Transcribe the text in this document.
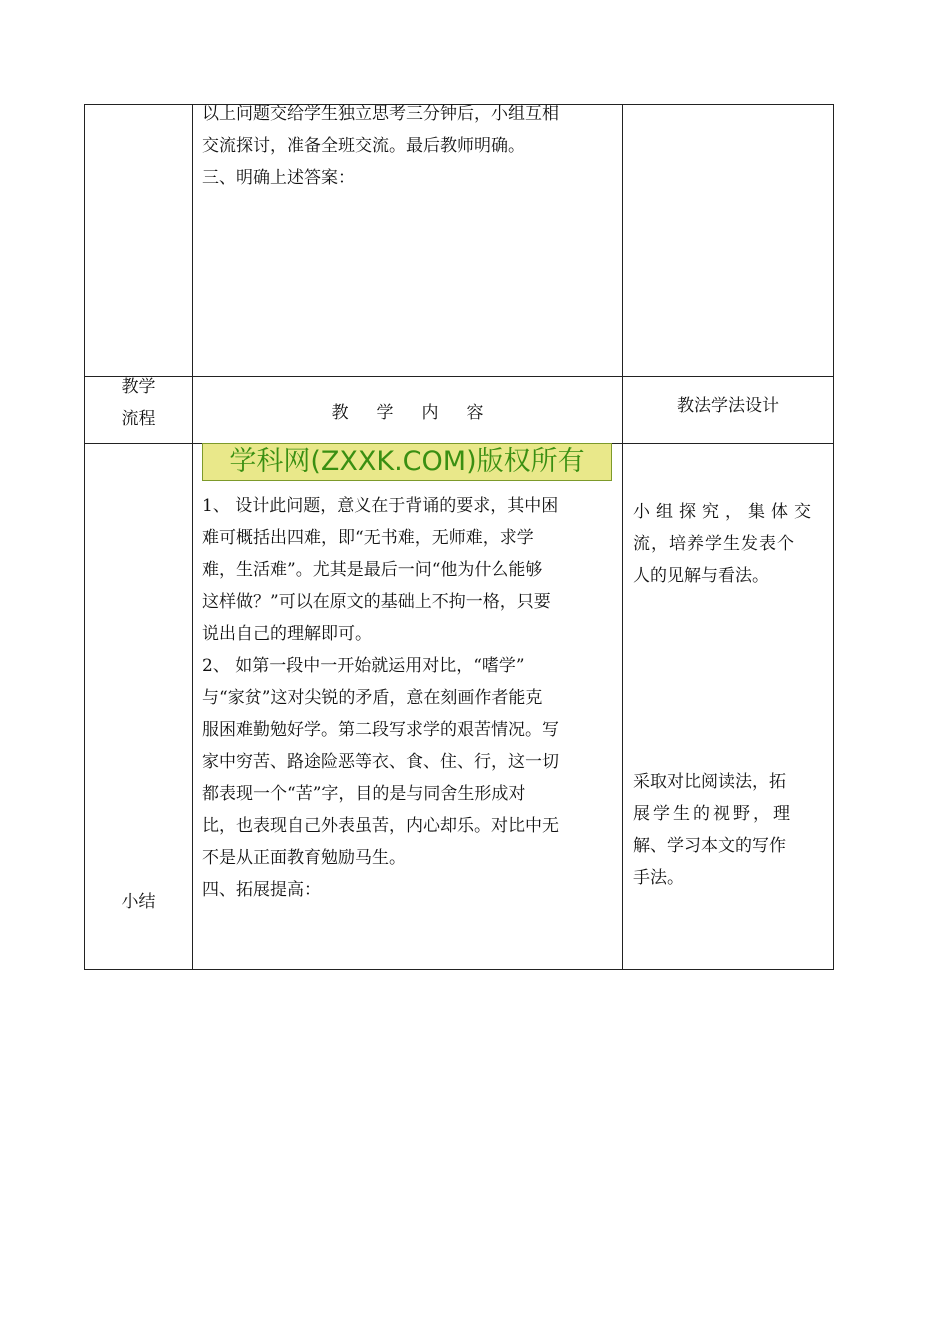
以上问题交给学生独立思考三分钟后，小组互相

交流探讨，准备全班交流。最后教师明确。

三、明确上述答案：

教学
流程	教学内容	教法学法设计
学科网(ZXXK.COM)版权所有

1、 设计此问题，意义在于背诵的要求，其中困

难可概括出四难，即“无书难，无师难，求学

难，生活难”。尤其是最后一问“他为什么能够

这样做？”可以在原文的基础上不拘一格，只要

说出自己的理解即可。

2、 如第一段中一开始就运用对比，“嗜学”

与“家贫”这对尖锐的矛盾，意在刻画作者能克

服困难勤勉好学。第二段写求学的艰苦情况。写

家中穷苦、路途险恶等衣、食、住、行，这一切

都表现一个“苦”字，目的是与同舍生形成对

比，也表现自己外表虽苦，内心却乐。对比中无

不是从正面教育勉励马生。

四、拓展提高：

小结

小组探究，集体交

流，培养学生发表个

人的见解与看法。

采取对比阅读法，拓

展学生的视野，理

解、学习本文的写作

手法。
